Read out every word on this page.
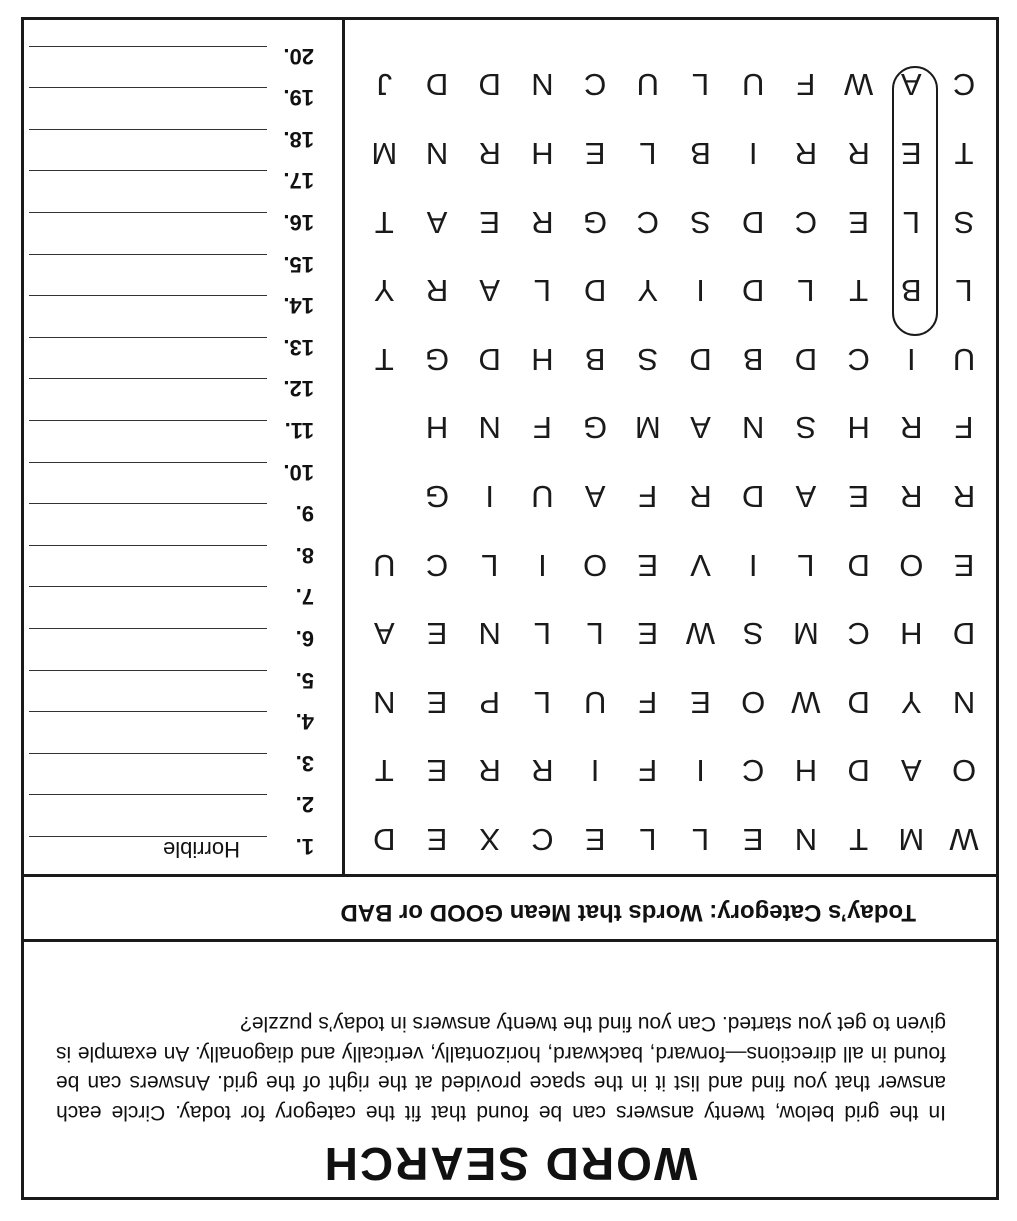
WORD SEARCH
In the grid below, twenty answers can be found that fit the category for today. Circle each answer that you find and list it in the space provided at the right of the grid. Answers can be found in all directions—forward, backward, horizontally, vertically and diagonally. An example is given to get you started. Can you find the twenty answers in today’s puzzle?
Today’s Category: Words that Mean GOOD or BAD
W
M
T
N
E
L
L
E
C
X
E
D
O
A
D
H
C
I
F
I
R
R
E
T
N
Y
D
W
O
E
F
U
L
P
E
N
D
H
C
M
S
W
E
L
L
N
E
A
E
O
D
L
I
V
E
O
I
L
C
U
R
R
E
A
D
R
F
A
U
I
G
F
R
H
S
N
A
M
G
F
N
H
U
I
C
D
B
D
S
B
H
D
G
T
L
B
T
L
D
I
Y
D
L
A
R
Y
S
L
E
C
D
S
C
G
R
E
A
T
T
E
R
R
I
B
L
E
H
R
N
M
C
A
W
F
U
L
U
C
N
D
D
J
1.
Horrible
2.
3.
4.
5.
6.
7.
8.
9.
10.
11.
12.
13.
14.
15.
16.
17.
18.
19.
20.
